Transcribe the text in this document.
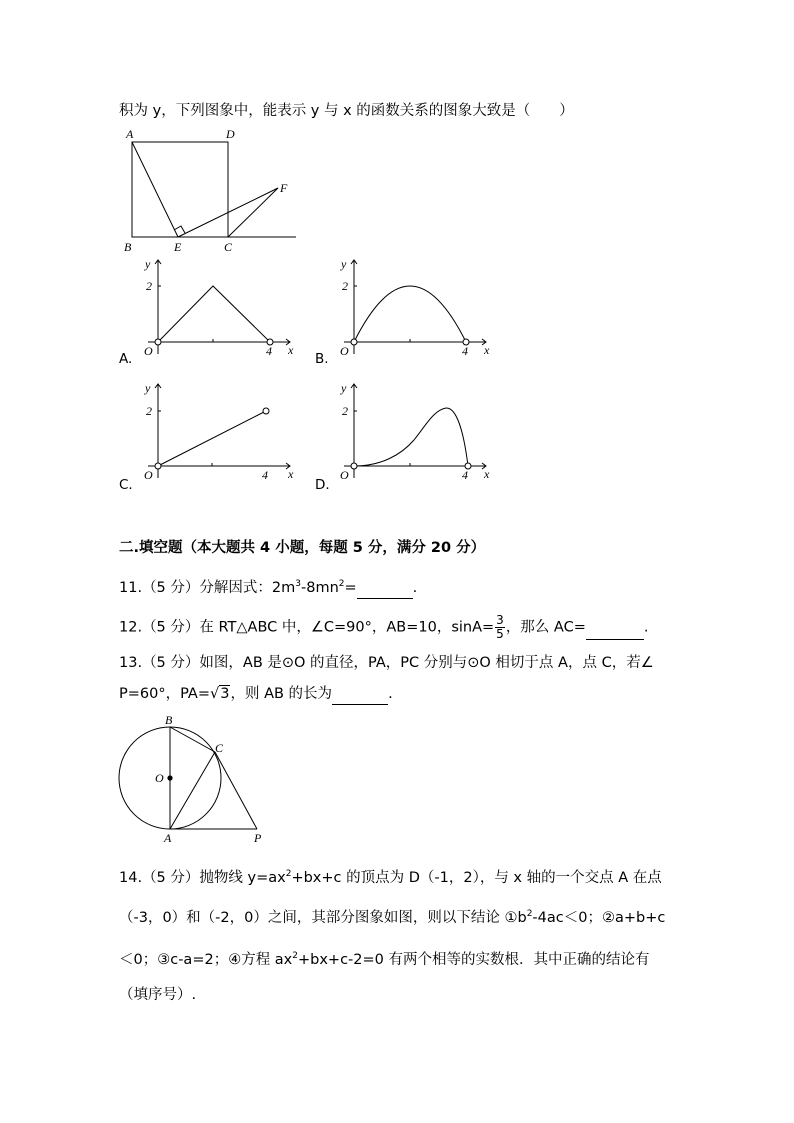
积为 y，下列图象中，能表示 y 与 x 的函数关系的图象大致是（　　）
A	D
F
B	E	C
y
2
O	4 x
A.
y
2
O	4 x
B.
y
2
O	4 x
C.
y
2
O	4 x
D.
二.填空题（本大题共 4 小题，每题 5 分，满分 20 分）
11.（5 分）分解因式：$2m^3-8mn^2=$	.
12.（5 分）在 RT△ABC 中，∠C=90°，AB=10，$\sin A= \frac{3}{5}$ ，那么 AC=	.
13.（5 分）如图，AB 是⊙O 的直径，PA，PC 分别与⊙O 相切于点 A，点 C，若∠
P=60°，PA=√3，则 AB 的长为	.
B
C
O
A	P
14.（5 分）抛物线 $y=ax^2+bx+c$ 的顶点为 D（-1，2），与 x 轴的一个交点 A 在点
（-3，0）和（-2，0）之间，其部分图象如图，则以下结论 $①b^2-4ac<0$；②a+b+c
＜0；③c-a=2；④方程 $ax^2+bx+c-2=0$ 有两个相等的实数根．其中正确的结论有
（填序号）.
